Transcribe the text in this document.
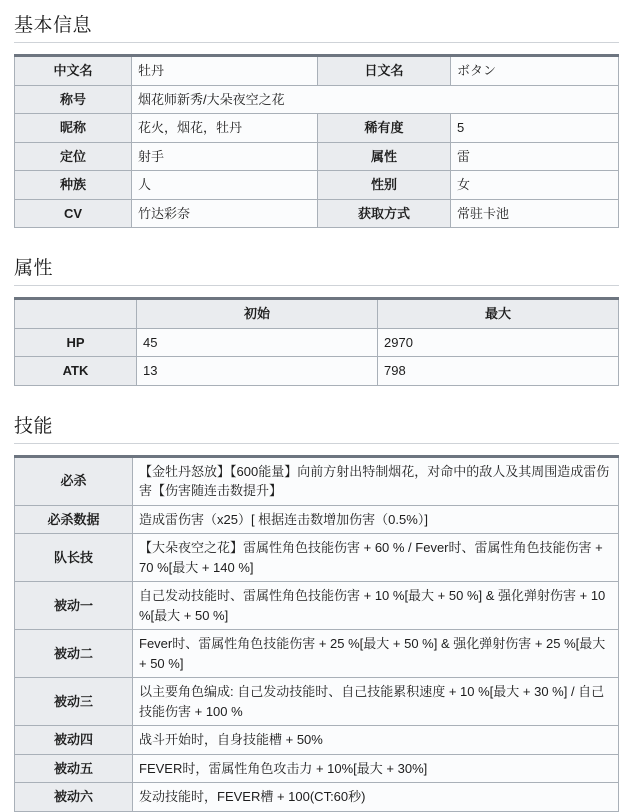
基本信息
中文名	牡丹	日文名	ボタン
称号	烟花师新秀/大朵夜空之花		
昵称	花火，烟花，牡丹	稀有度	5
定位	射手	属性	雷
种族	人	性别	女
CV	竹达彩奈	获取方式	常驻卡池
属性
	初始	最大
HP	45	2970
ATK	13	798
技能
必杀	【金牡丹怒放】【600能量】向前方射出特制烟花，对命中的敌人及其周围造成雷伤害【伤害随连击数提升】
必杀数据	造成雷伤害（x25）[ 根据连击数增加伤害（0.5%）]
队长技	【大朵夜空之花】雷属性角色技能伤害 + 60 % / Fever时、雷属性角色技能伤害 + 70 %[最大 + 140 %]
被动一	自己发动技能时、雷属性角色技能伤害 + 10 %[最大 + 50 %] & 强化弹射伤害 + 10 %[最大 + 50 %]
被动二	Fever时、雷属性角色技能伤害 + 25 %[最大 + 50 %] & 强化弹射伤害 + 25 %[最大 + 50 %]
被动三	以主要角色编成: 自己发动技能时、自己技能累积速度 + 10 %[最大 + 30 %] / 自己技能伤害 + 100 %
被动四	战斗开始时，自身技能槽 + 50%
被动五	FEVER时，雷属性角色攻击力 + 10%[最大 + 30%]
被动六	发动技能时，FEVER槽 + 100(CT:60秒)
